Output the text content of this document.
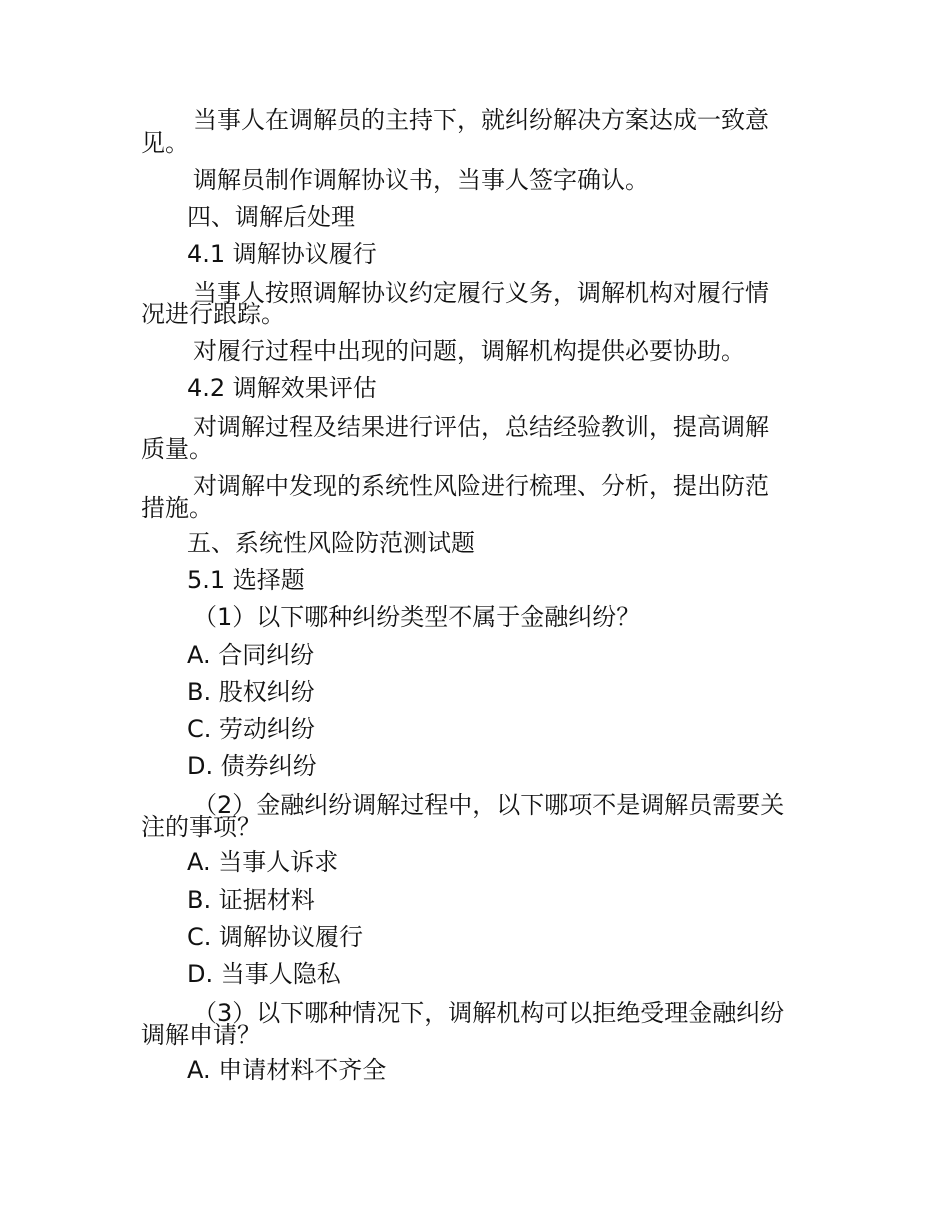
当事人在调解员的主持下，就纠纷解决方案达成一致意
见。
调解员制作调解协议书，当事人签字确认。
四、调解后处理
4.1 调解协议履行
当事人按照调解协议约定履行义务，调解机构对履行情
况进行跟踪。
对履行过程中出现的问题，调解机构提供必要协助。
4.2 调解效果评估
对调解过程及结果进行评估，总结经验教训，提高调解
质量。
对调解中发现的系统性风险进行梳理、分析，提出防范
措施。
五、系统性风险防范测试题
5.1 选择题
（1）以下哪种纠纷类型不属于金融纠纷？
A. 合同纠纷
B. 股权纠纷
C. 劳动纠纷
D. 债券纠纷
（2）金融纠纷调解过程中，以下哪项不是调解员需要关
注的事项？
A. 当事人诉求
B. 证据材料
C. 调解协议履行
D. 当事人隐私
（3）以下哪种情况下，调解机构可以拒绝受理金融纠纷
调解申请？
A. 申请材料不齐全
